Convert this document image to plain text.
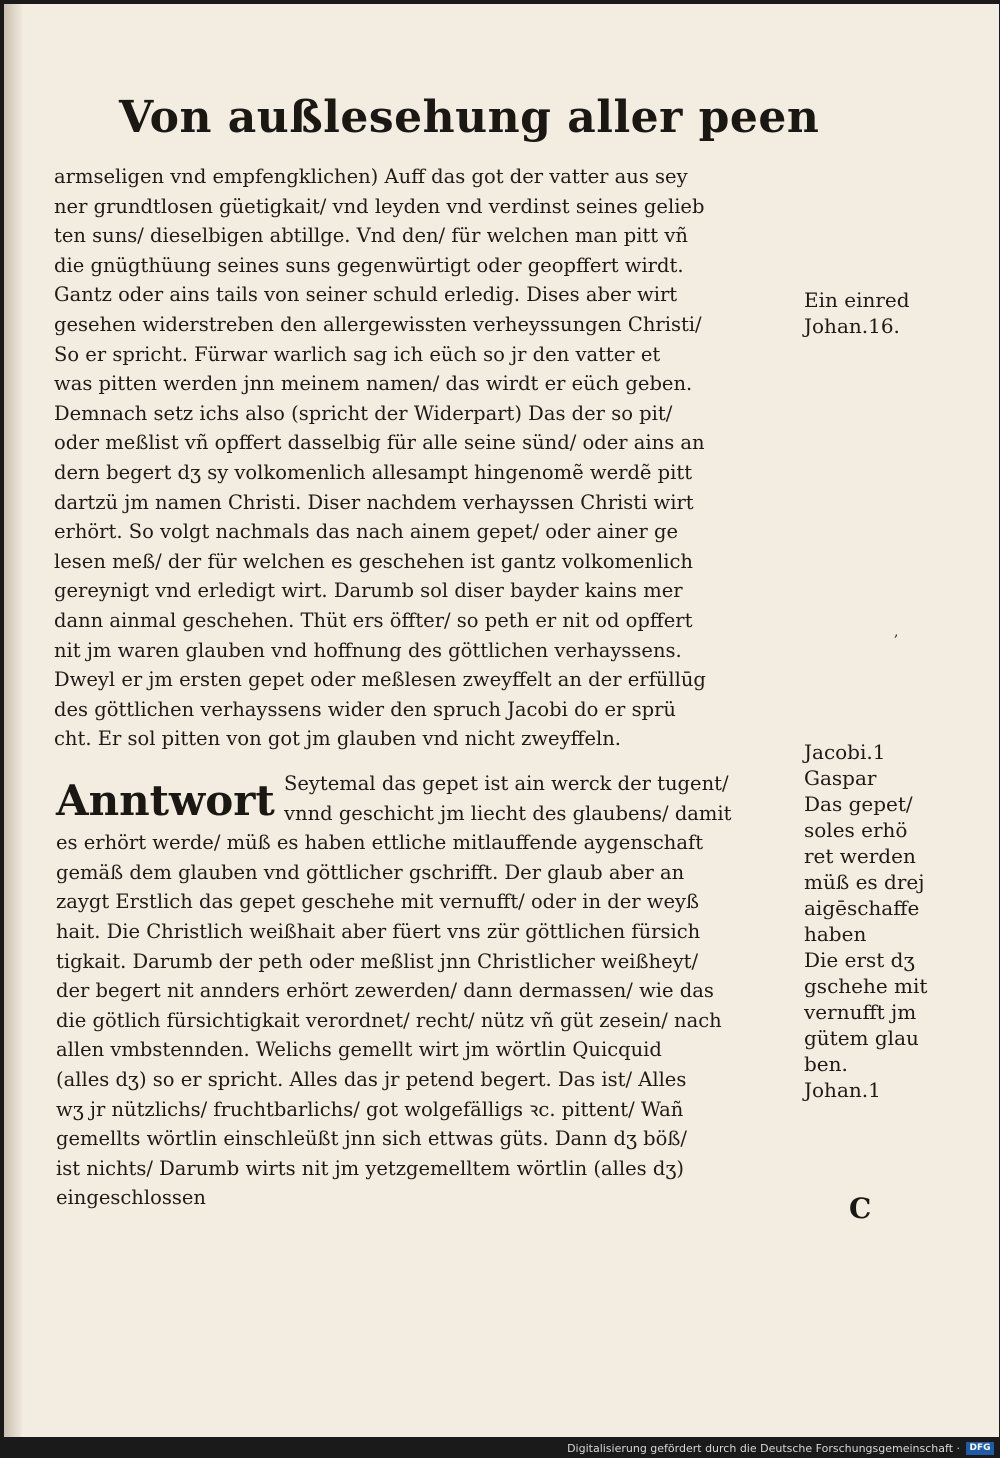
Von außlesehung aller peen
armseligen vnd empfengklichen) Auff das got der vatter aus sey
ner grundtlosen güetigkait/ vnd leyden vnd verdinst seines gelieb
ten suns/ dieselbigen abtillge. Vnd den/ für welchen man pitt vñ
die gnügthüung seines suns gegenwürtigt oder geopffert wirdt.
Gantz oder ains tails von seiner schuld erledig. Dises aber wirt
gesehen widerstreben den allergewissten verheyssungen Christi/
So er spricht. Fürwar warlich sag ich eüch so jr den vatter et
was pitten werden jnn meinem namen/ das wirdt er eüch geben.
Demnach setz ichs also (spricht der Widerpart) Das der so pit/
oder meßlist vñ opffert dasselbig für alle seine sünd/ oder ains an
dern begert dʒ sy volkomenlich allesampt hingenomẽ werdẽ pitt
dartzü jm namen Christi. Diser nachdem verhayssen Christi wirt
erhört. So volgt nachmals das nach ainem gepet/ oder ainer ge
lesen meß/ der für welchen es geschehen ist gantz volkomenlich
gereynigt vnd erledigt wirt. Darumb sol diser bayder kains mer
dann ainmal geschehen. Thüt ers öffter/ so peth er nit od opffert
nit jm waren glauben vnd hoffnung des göttlichen verhayssens.
Dweyl er jm ersten gepet oder meßlesen zweyffelt an der erfüllūg
des göttlichen verhayssens wider den spruch Jacobi do er sprü
cht. Er sol pitten von got jm glauben vnd nicht zweyffeln.
Anntwort Seytemal das gepet ist ain werck der tugent/
vnnd geschicht jm liecht des glaubens/ damit
es erhört werde/ müß es haben ettliche mitlauffende aygenschaft
gemäß dem glauben vnd göttlicher gschrifft. Der glaub aber an
zaygt Erstlich das gepet geschehe mit vernufft/ oder in der weyß
hait. Die Christlich weißhait aber füert vns zür göttlichen fürsich
tigkait. Darumb der peth oder meßlist jnn Christlicher weißheyt/
der begert nit annders erhört zewerden/ dann dermassen/ wie das
die götlich fürsichtigkait verordnet/ recht/ nütz vñ güt zesein/ nach
allen vmbstennden. Welichs gemellt wirt jm wörtlin Quicquid
(alles dʒ) so er spricht. Alles das jr petend begert. Das ist/ Alles
wʒ jr nützlichs/ fruchtbarlichs/ got wolgefälligs ꝛc. pittent/ Wañ
gemellts wörtlin einschleüßt jnn sich ettwas güts. Dann dʒ böß/
ist nichts/ Darumb wirts nit jm yetzgemelltem wörtlin (alles dʒ)
eingeschlossen
Ein einred
Johan.16.
,
Jacobi.1
Gaspar
Das gepet/
soles erhö
ret werden
müß es drej
aigēschaffe
haben
Die erst dʒ
gschehe mit
vernufft jm
gütem glau
ben.
Johan.1
C
Digitalisierung gefördert durch die Deutsche Forschungsgemeinschaft ·	DFG
